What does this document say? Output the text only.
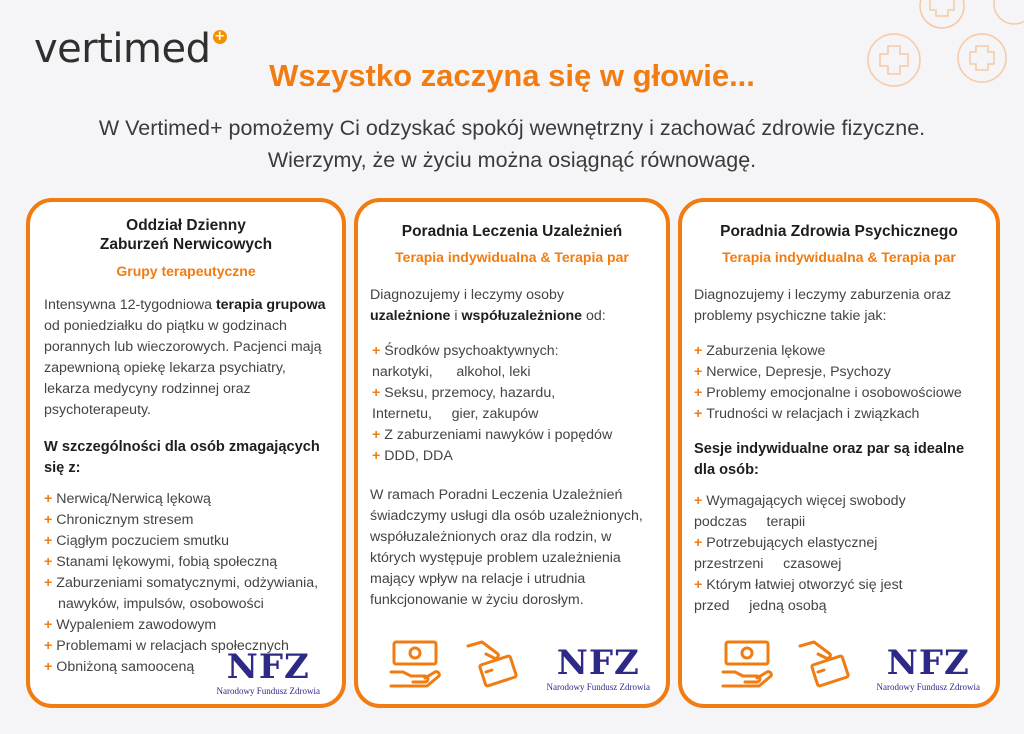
vertimed +
Wszystko zaczyna się w głowie...
W Vertimed+ pomożemy Ci odzyskać spokój wewnętrzny i zachować zdrowie fizyczne.
Wierzymy, że w życiu można osiągnąć równowagę.
Oddział Dzienny
Zaburzeń Nerwicowych
Grupy terapeutyczne
Intensywna 12-tygodniowa terapia grupowa od poniedziałku do piątku w godzinach porannych lub wieczorowych. Pacjenci mają zapewnioną opiekę lekarza psychiatry, lekarza medycyny rodzinnej oraz psychoterapeuty.
W szczególności dla osób zmagających się z:
+ Nerwicą/Nerwicą lękową
+ Chronicznym stresem
+ Ciągłym poczuciem smutku
+ Stanami lękowymi, fobią społeczną
+ Zaburzeniami somatycznymi, odżywiania,
nawyków, impulsów, osobowości
+ Wypaleniem zawodowym
+ Problemami w relacjach społecznych
+ Obniżoną samooceną NFZ
Narodowy Fundusz Zdrowia
Poradnia Leczenia Uzależnień
Terapia indywidualna & Terapia par
Diagnozujemy i leczymy osoby
uzależnione i współuzależnione od:
+ Środków psychoaktywnych:
narkotyki,      alkohol, leki
+ Seksu, przemocy, hazardu,
Internetu,     gier, zakupów
+ Z zaburzeniami nawyków i popędów
+ DDD, DDA
W ramach Poradni Leczenia Uzależnień świadczymy usługi dla osób uzależnionych, współuzależnionych oraz dla rodzin, w których występuje problem uzależnienia mający wpływ na relacje i utrudnia funkcjonowanie w życiu dorosłym.
NFZ
Narodowy Fundusz Zdrowia
Poradnia Zdrowia Psychicznego
Terapia indywidualna & Terapia par
Diagnozujemy i leczymy zaburzenia oraz problemy psychiczne takie jak:
+ Zaburzenia lękowe
+ Nerwice, Depresje, Psychozy
+ Problemy emocjonalne i osobowościowe
+ Trudności w relacjach i związkach
Sesje indywidualne oraz par są idealne dla osób:
+ Wymagających więcej swobody
podczas     terapii
+ Potrzebujących elastycznej
przestrzeni     czasowej
+ Którym łatwiej otworzyć się jest
przed     jedną osobą
NFZ
Narodowy Fundusz Zdrowia
